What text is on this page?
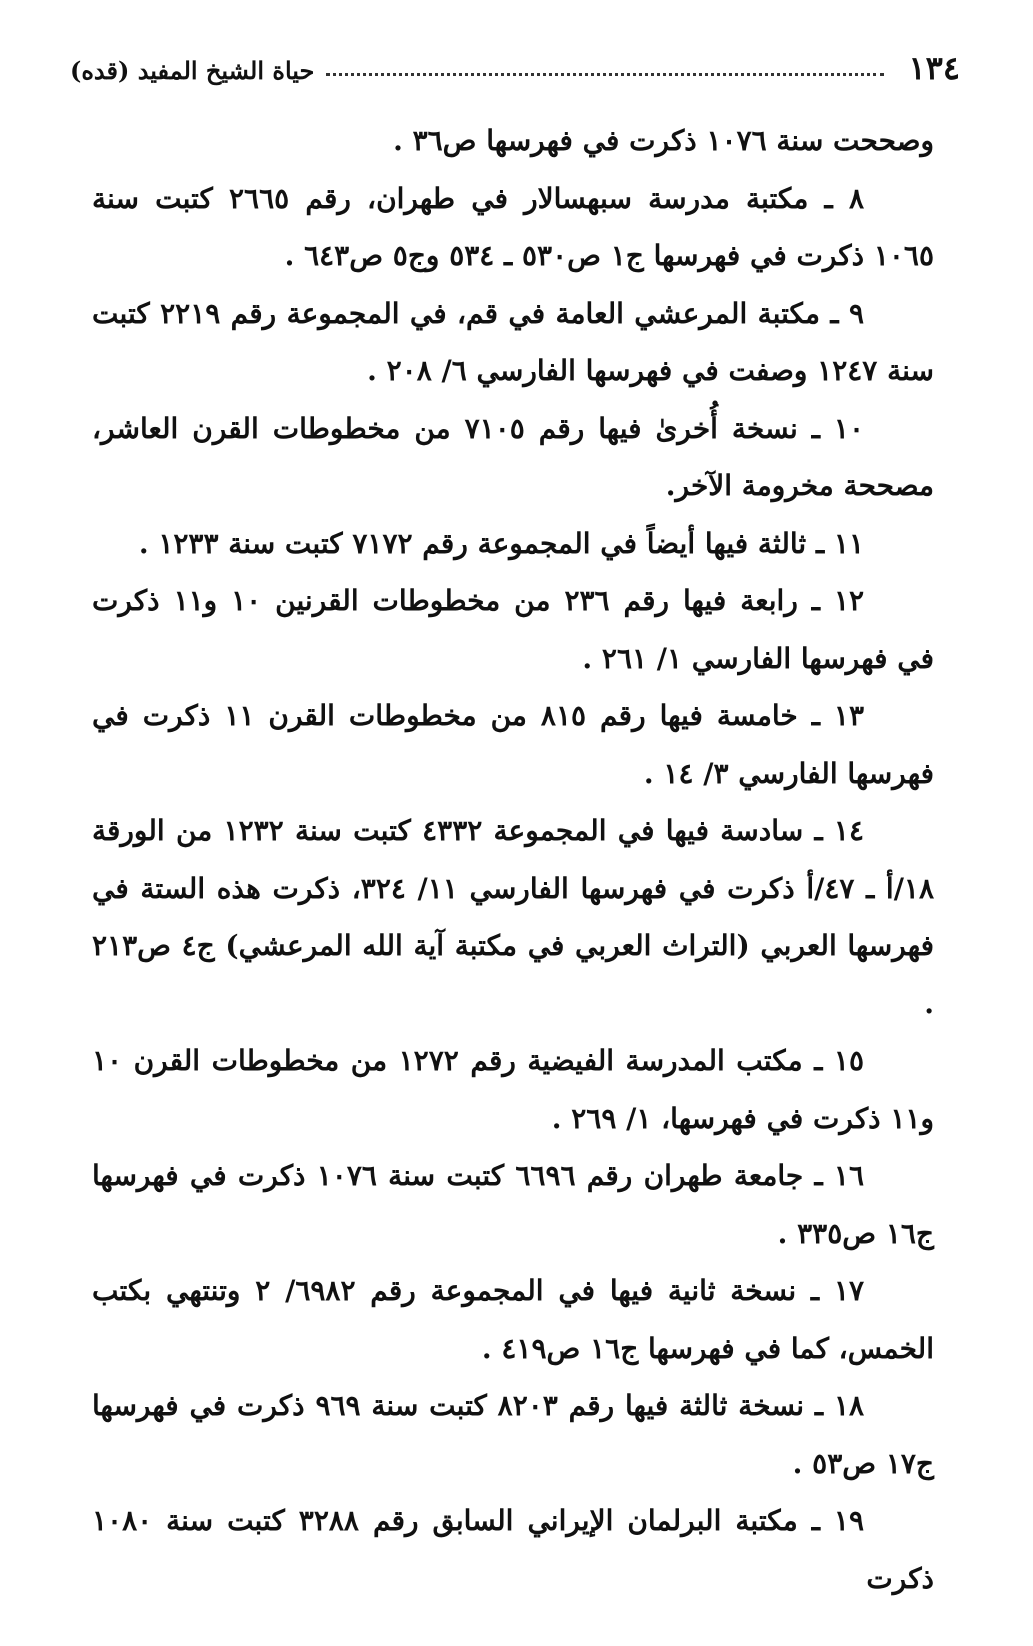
١٣٤
حياة الشيخ المفيد (قده)

وصححت سنة ١٠٧٦ ذكرت في فهرسها ص٣٦ .

٨ ـ مكتبة مدرسة سبهسالار في طهران، رقم ٢٦٦٥ كتبت سنة ١٠٦٥ ذكرت في فهرسها ج١ ص٥٣٠ ـ ٥٣٤ وج٥ ص٦٤٣ .

٩ ـ مكتبة المرعشي العامة في قم، في المجموعة رقم ٢٢١٩ كتبت سنة ١٢٤٧ وصفت في فهرسها الفارسي ٦/ ٢٠٨ .

١٠ ـ نسخة أُخرىٰ فيها رقم ٧١٠٥ من مخطوطات القرن العاشر، مصححة مخرومة الآخر.

١١ ـ ثالثة فيها أيضاً في المجموعة رقم ٧١٧٢ كتبت سنة ١٢٣٣ .

١٢ ـ رابعة فيها رقم ٢٣٦ من مخطوطات القرنين ١٠ و١١ ذكرت في فهرسها الفارسي ١/ ٢٦١ .

١٣ ـ خامسة فيها رقم ٨١٥ من مخطوطات القرن ١١ ذكرت في فهرسها الفارسي ٣/ ١٤ .

١٤ ـ سادسة فيها في المجموعة ٤٣٣٢ كتبت سنة ١٢٣٢ من الورقة ١٨/أ ـ ٤٧/أ ذكرت في فهرسها الفارسي ١١/ ٣٢٤، ذكرت هذه الستة في فهرسها العربي (التراث العربي في مكتبة آية الله المرعشي) ج٤ ص٢١٣ .

١٥ ـ مكتب المدرسة الفيضية رقم ١٢٧٢ من مخطوطات القرن ١٠ و١١ ذكرت في فهرسها، ١/ ٢٦٩ .

١٦ ـ جامعة طهران رقم ٦٦٩٦ كتبت سنة ١٠٧٦ ذكرت في فهرسها ج١٦ ص٣٣٥ .

١٧ ـ نسخة ثانية فيها في المجموعة رقم ٦٩٨٢/ ٢ وتنتهي بكتب الخمس، كما في فهرسها ج١٦ ص٤١٩ .

١٨ ـ نسخة ثالثة فيها رقم ٨٢٠٣ كتبت سنة ٩٦٩ ذكرت في فهرسها ج١٧ ص٥٣ .

١٩ ـ مكتبة البرلمان الإيراني السابق رقم ٣٢٨٨ كتبت سنة ١٠٨٠ ذكرت
